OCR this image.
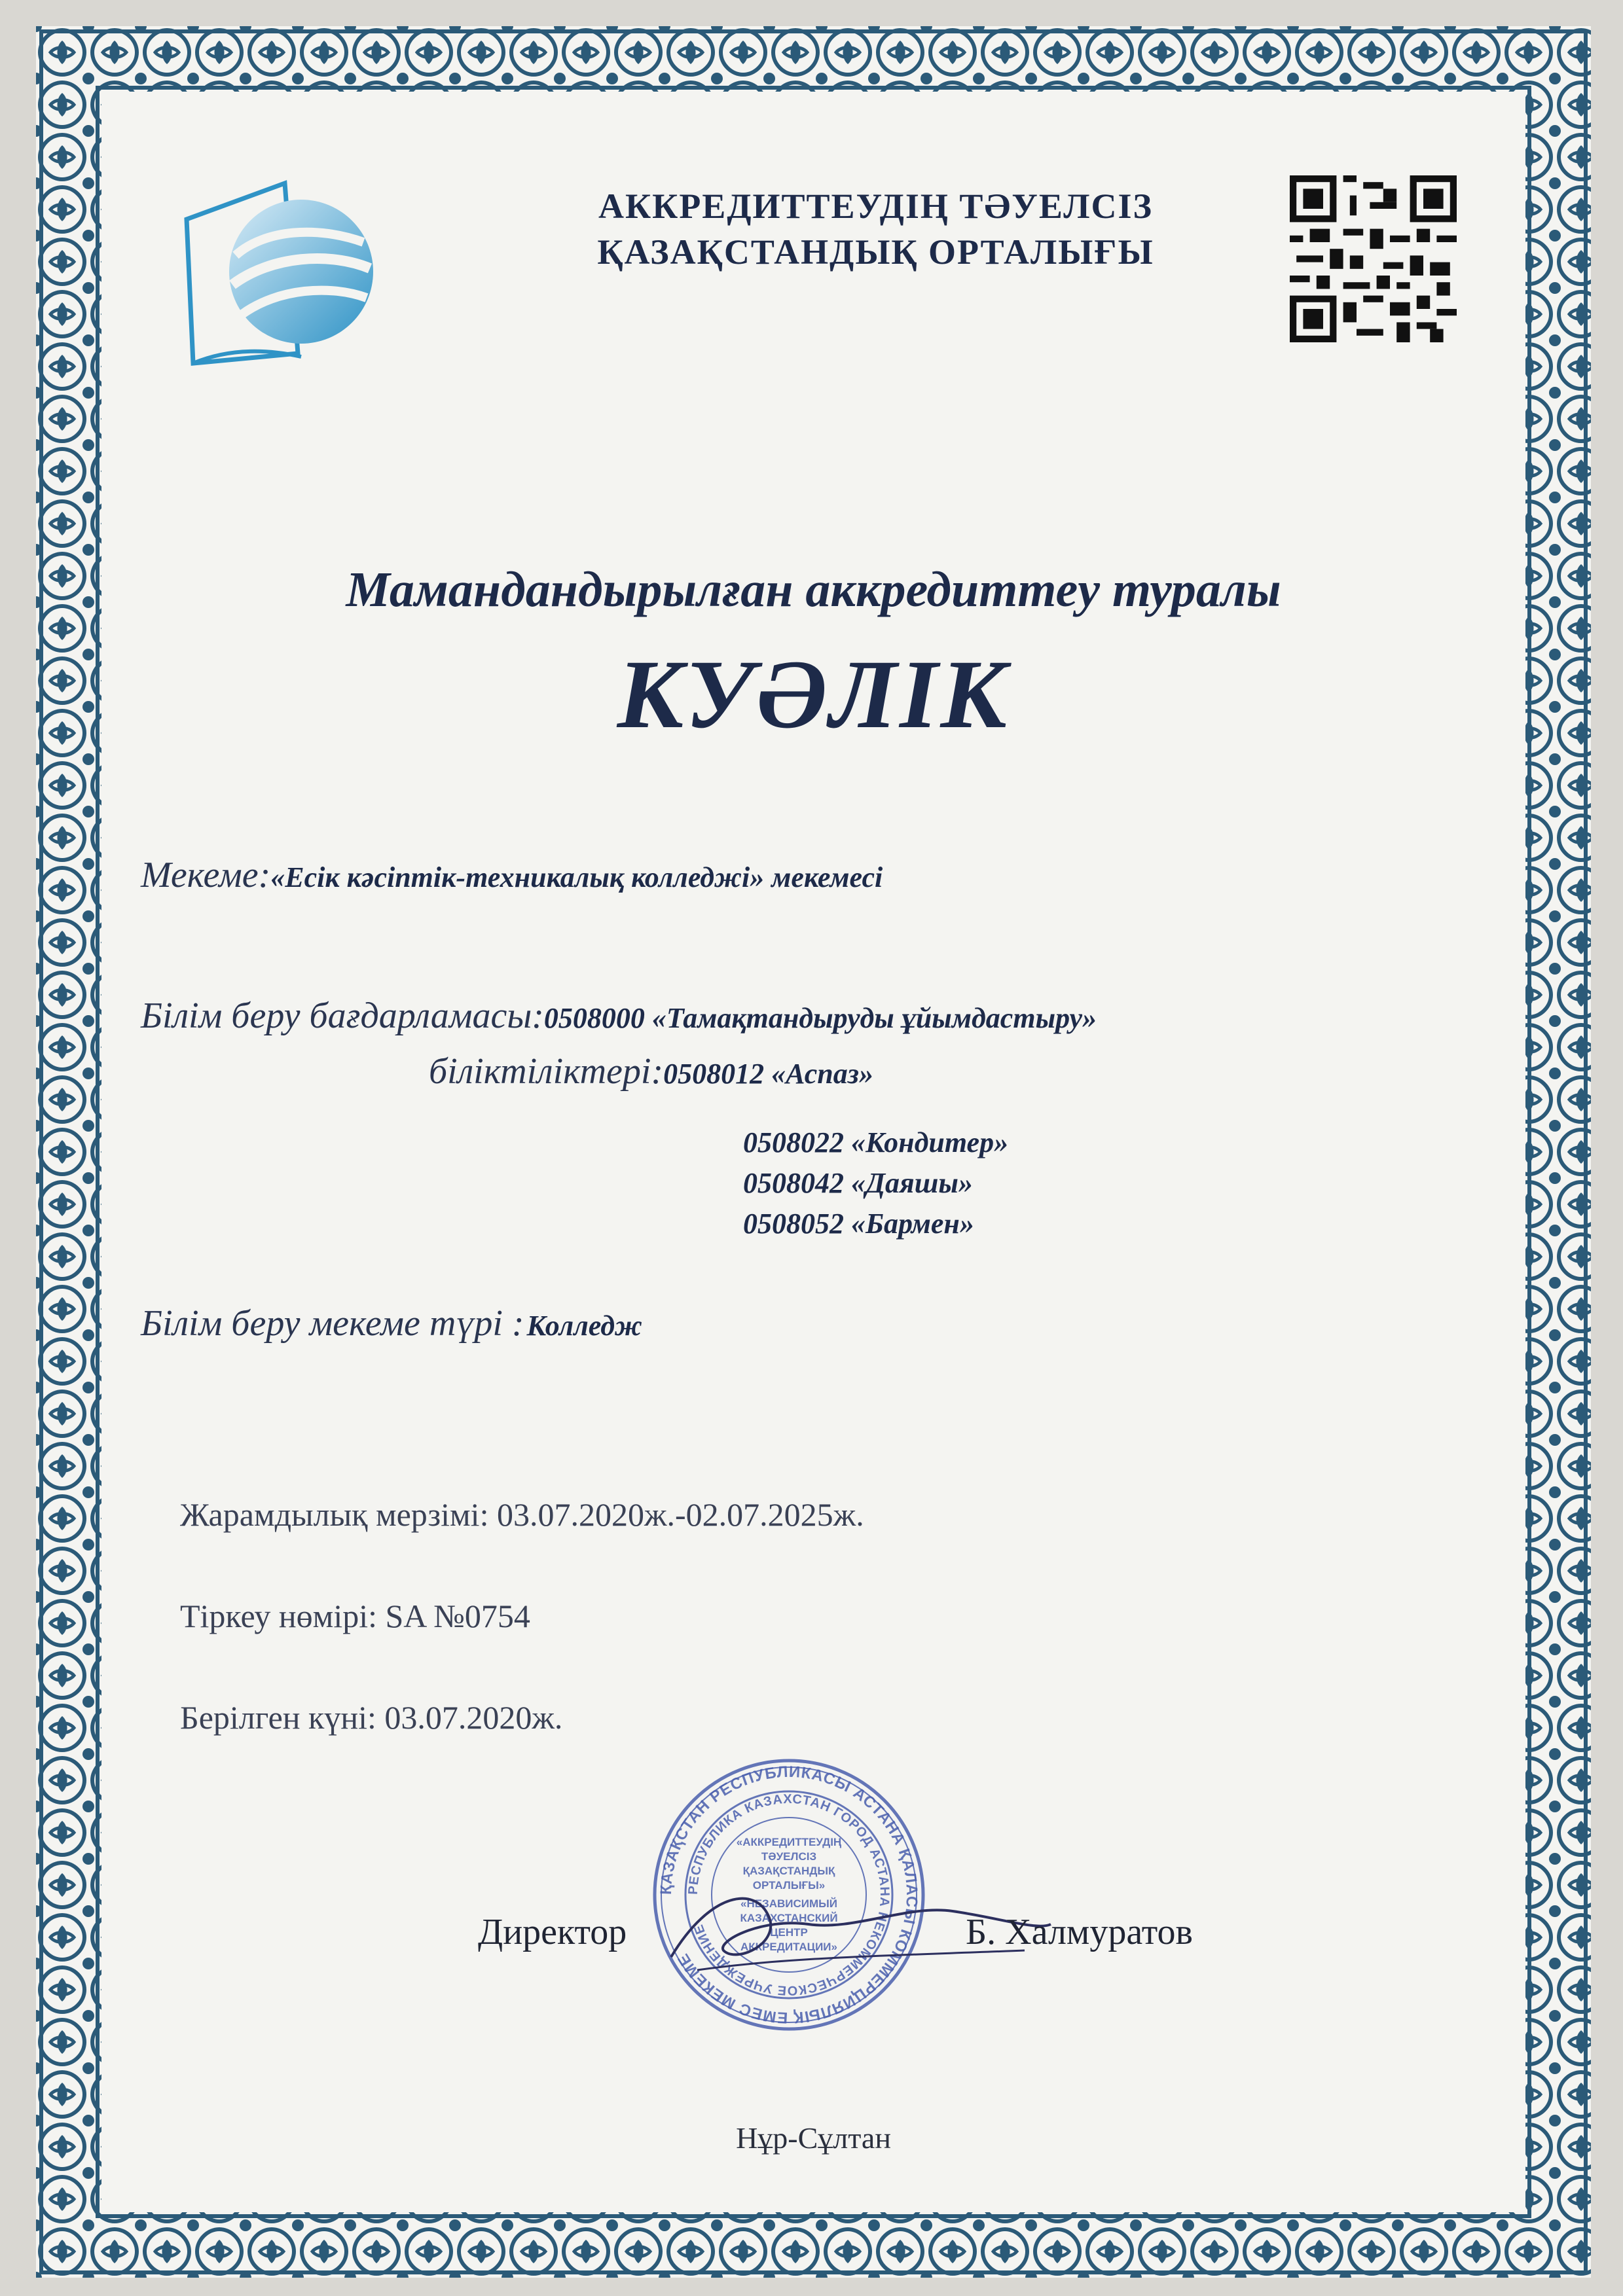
АККРЕДИТТЕУДІҢ ТӘУЕЛСІЗ
ҚАЗАҚСТАНДЫҚ ОРТАЛЫҒЫ

Мамандандырылған аккредиттеу туралы

КУӘЛІК

Мекеме:«Есік кәсіптік-техникалық колледжі» мекемесі
Білім беру бағдарламасы:0508000 «Тамақтандыруды ұйымдастыру»
біліктіліктері:0508012 «Аспаз»
0508022 «Кондитер»
0508042 «Даяшы»
0508052 «Бармен»
Білім беру мекеме түрі : Колледж

Жарамдылық мерзімі: 03.07.2020ж.-02.07.2025ж.

Тіркеу нөмірі: SA №0754

Берілген күні: 03.07.2020ж.

ҚАЗАҚСТАН РЕСПУБЛИКАСЫ АСТАНА ҚАЛАСЫ КОММЕРЦИЯЛЫҚ ЕМЕС МЕКЕМЕ
РЕСПУБЛИКА КАЗАХСТАН ГОРОД АСТАНА НЕКОММЕРЧЕСКОЕ УЧРЕЖДЕНИЕ
«АККРЕДИТТЕУДІҢ
ТӘУЕЛСІЗ
ҚАЗАҚСТАНДЫҚ
ОРТАЛЫҒЫ»
«НЕЗАВИСИМЫЙ
КАЗАХСТАНСКИЙ
ЦЕНТР
АККРЕДИТАЦИИ»

Директор	Б. Халмуратов

Нұр-Сұлтан
